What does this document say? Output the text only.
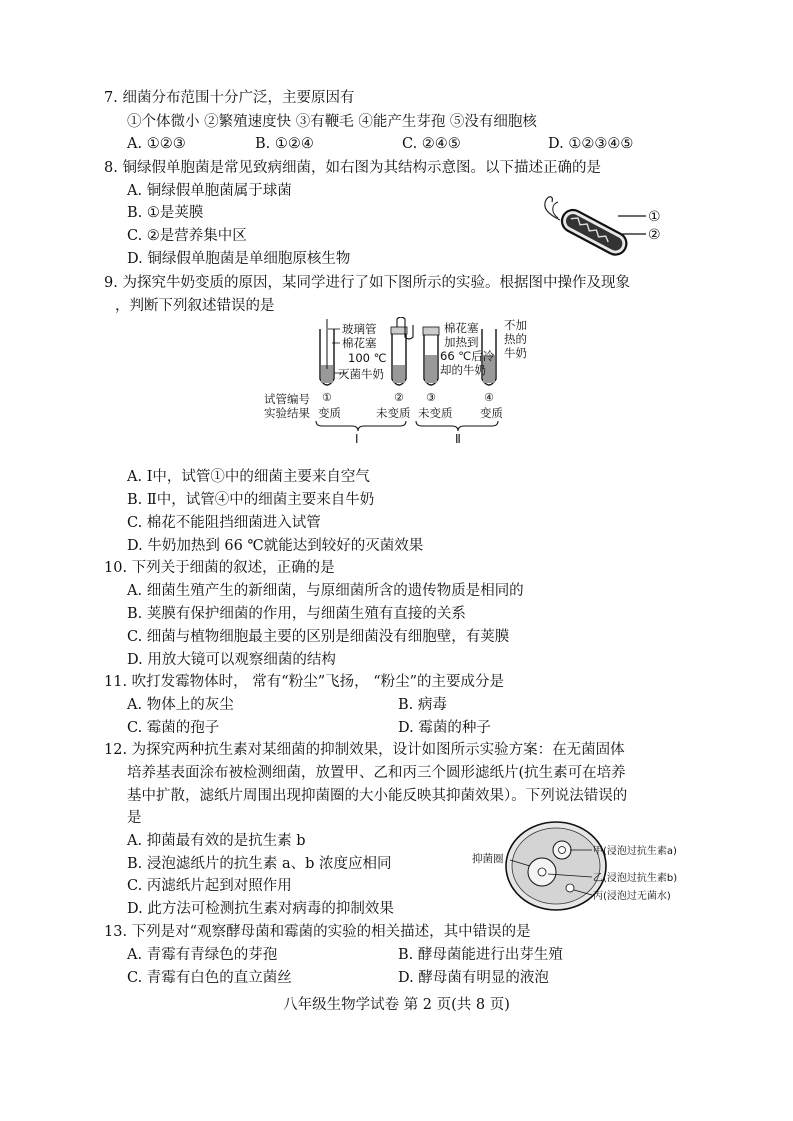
7. 细菌分布范围十分广泛，主要原因有
①个体微小 ②繁殖速度快 ③有鞭毛 ④能产生芽孢 ⑤没有细胞核
A. ①②③	B. ①②④	C. ②④⑤	D. ①②③④⑤
8. 铜绿假单胞菌是常见致病细菌，如右图为其结构示意图。以下描述正确的是
A. 铜绿假单胞菌属于球菌
B. ①是荚膜
C. ②是营养集中区
D. 铜绿假单胞菌是单细胞原核生物
①
②
9. 为探究牛奶变质的原因，某同学进行了如下图所示的实验。根据图中操作及现象
，判断下列叙述错误的是
玻璃管
棉花塞
100 ℃
灭菌牛奶
棉花塞
加热到
66 ℃后冷
却的牛奶
不加
热的
牛奶
试管编号
实验结果
①	② ③	④
变质	未变质 未变质 变质
Ⅰ	Ⅱ
A. Ⅰ中，试管①中的细菌主要来自空气
B. Ⅱ中，试管④中的细菌主要来自牛奶
C. 棉花不能阻挡细菌进入试管
D. 牛奶加热到 66 ℃就能达到较好的灭菌效果
10. 下列关于细菌的叙述，正确的是
A. 细菌生殖产生的新细菌，与原细菌所含的遗传物质是相同的
B. 荚膜有保护细菌的作用，与细菌生殖有直接的关系
C. 细菌与植物细胞最主要的区别是细菌没有细胞壁，有荚膜
D. 用放大镜可以观察细菌的结构
11. 吹打发霉物体时， 常有“粉尘”飞扬， “粉尘”的主要成分是
A. 物体上的灰尘	B. 病毒
C. 霉菌的孢子	D. 霉菌的种子
12. 为探究两种抗生素对某细菌的抑制效果，设计如图所示实验方案：在无菌固体
培养基表面涂布被检测细菌，放置甲、乙和丙三个圆形滤纸片(抗生素可在培养
基中扩散，滤纸片周围出现抑菌圈的大小能反映其抑菌效果）。下列说法错误的
是
A. 抑菌最有效的是抗生素 b
B. 浸泡滤纸片的抗生素 a、b 浓度应相同
C. 丙滤纸片起到对照作用
D. 此方法可检测抗生素对病毒的抑制效果
抑菌圈
甲(浸泡过抗生素a)
乙(浸泡过抗生素b)
丙(浸泡过无菌水)
13. 下列是对“观察酵母菌和霉菌的实验的相关描述，其中错误的是
A. 青霉有青绿色的芽孢	B. 酵母菌能进行出芽生殖
C. 青霉有白色的直立菌丝	D. 酵母菌有明显的液泡
八年级生物学试卷 第 2 页(共 8 页)
